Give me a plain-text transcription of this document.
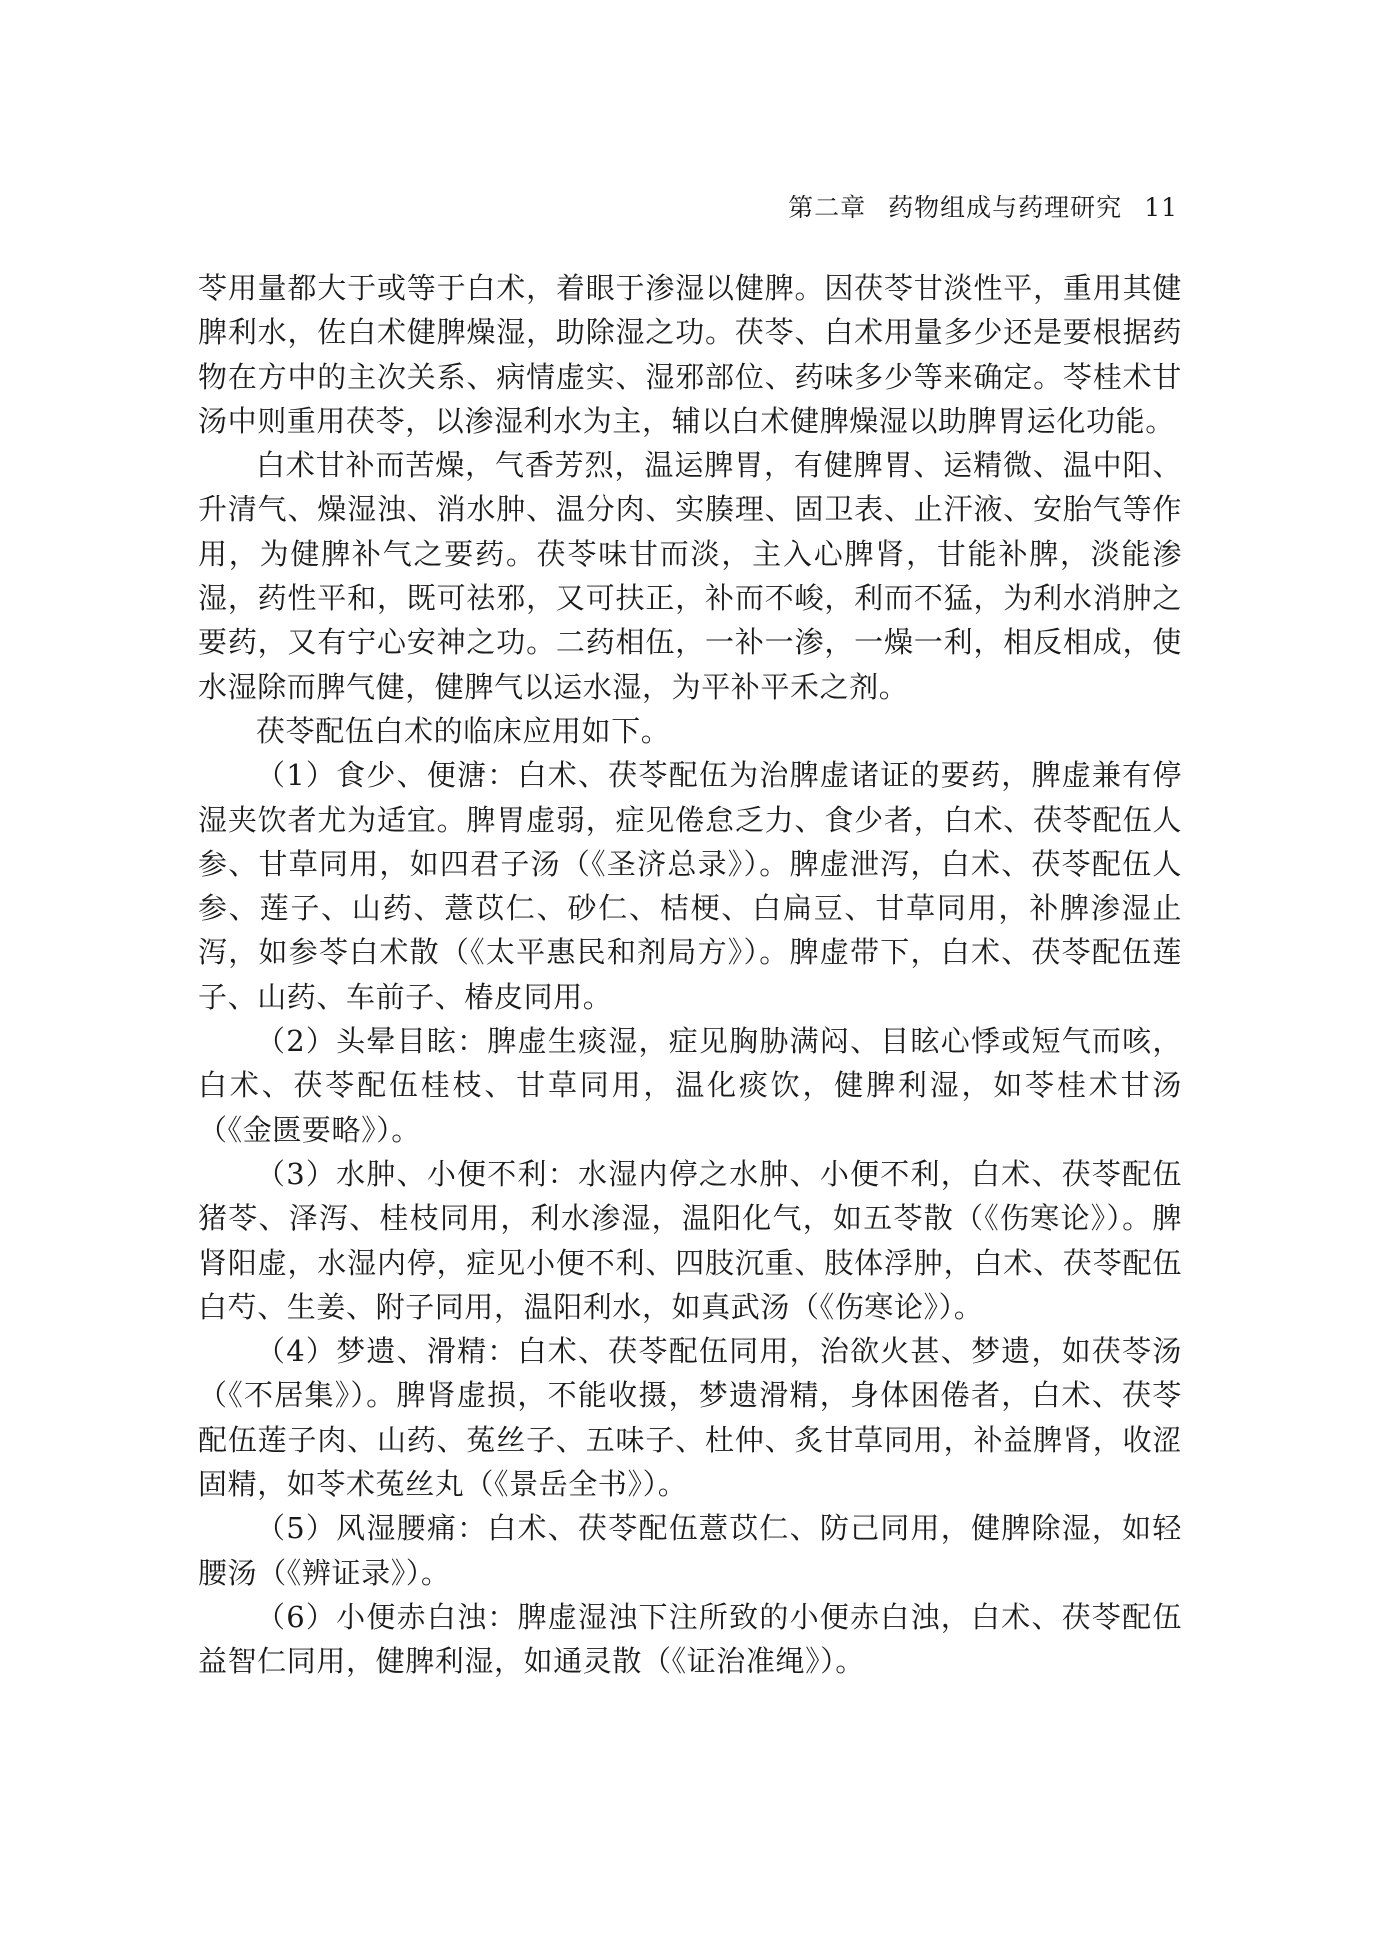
第二章 药物组成与药理研究 11

苓用量都大于或等于白术，着眼于渗湿以健脾。因茯苓甘淡性平，重用其健脾利水，佐白术健脾燥湿，助除湿之功。茯苓、白术用量多少还是要根据药物在方中的主次关系、病情虚实、湿邪部位、药味多少等来确定。苓桂术甘汤中则重用茯苓，以渗湿利水为主，辅以白术健脾燥湿以助脾胃运化功能。

白术甘补而苦燥，气香芳烈，温运脾胃，有健脾胃、运精微、温中阳、升清气、燥湿浊、消水肿、温分肉、实腠理、固卫表、止汗液、安胎气等作用，为健脾补气之要药。茯苓味甘而淡，主入心脾肾，甘能补脾，淡能渗湿，药性平和，既可祛邪，又可扶正，补而不峻，利而不猛，为利水消肿之要药，又有宁心安神之功。二药相伍，一补一渗，一燥一利，相反相成，使水湿除而脾气健，健脾气以运水湿，为平补平禾之剂。

茯苓配伍白术的临床应用如下。

（1）食少、便溏：白术、茯苓配伍为治脾虚诸证的要药，脾虚兼有停湿夹饮者尤为适宜。脾胃虚弱，症见倦怠乏力、食少者，白术、茯苓配伍人参、甘草同用，如四君子汤（《圣济总录》）。脾虚泄泻，白术、茯苓配伍人参、莲子、山药、薏苡仁、砂仁、桔梗、白扁豆、甘草同用，补脾渗湿止泻，如参苓白术散（《太平惠民和剂局方》）。脾虚带下，白术、茯苓配伍莲子、山药、车前子、椿皮同用。

（2）头晕目眩：脾虚生痰湿，症见胸胁满闷、目眩心悸或短气而咳，白术、茯苓配伍桂枝、甘草同用，温化痰饮，健脾利湿，如苓桂术甘汤（《金匮要略》）。

（3）水肿、小便不利：水湿内停之水肿、小便不利，白术、茯苓配伍猪苓、泽泻、桂枝同用，利水渗湿，温阳化气，如五苓散（《伤寒论》）。脾肾阳虚，水湿内停，症见小便不利、四肢沉重、肢体浮肿，白术、茯苓配伍白芍、生姜、附子同用，温阳利水，如真武汤（《伤寒论》）。

（4）梦遗、滑精：白术、茯苓配伍同用，治欲火甚、梦遗，如茯苓汤（《不居集》）。脾肾虚损，不能收摄，梦遗滑精，身体困倦者，白术、茯苓配伍莲子肉、山药、菟丝子、五味子、杜仲、炙甘草同用，补益脾肾，收涩固精，如苓术菟丝丸（《景岳全书》）。

（5）风湿腰痛：白术、茯苓配伍薏苡仁、防己同用，健脾除湿，如轻腰汤（《辨证录》）。

（6）小便赤白浊：脾虚湿浊下注所致的小便赤白浊，白术、茯苓配伍益智仁同用，健脾利湿，如通灵散（《证治准绳》）。
